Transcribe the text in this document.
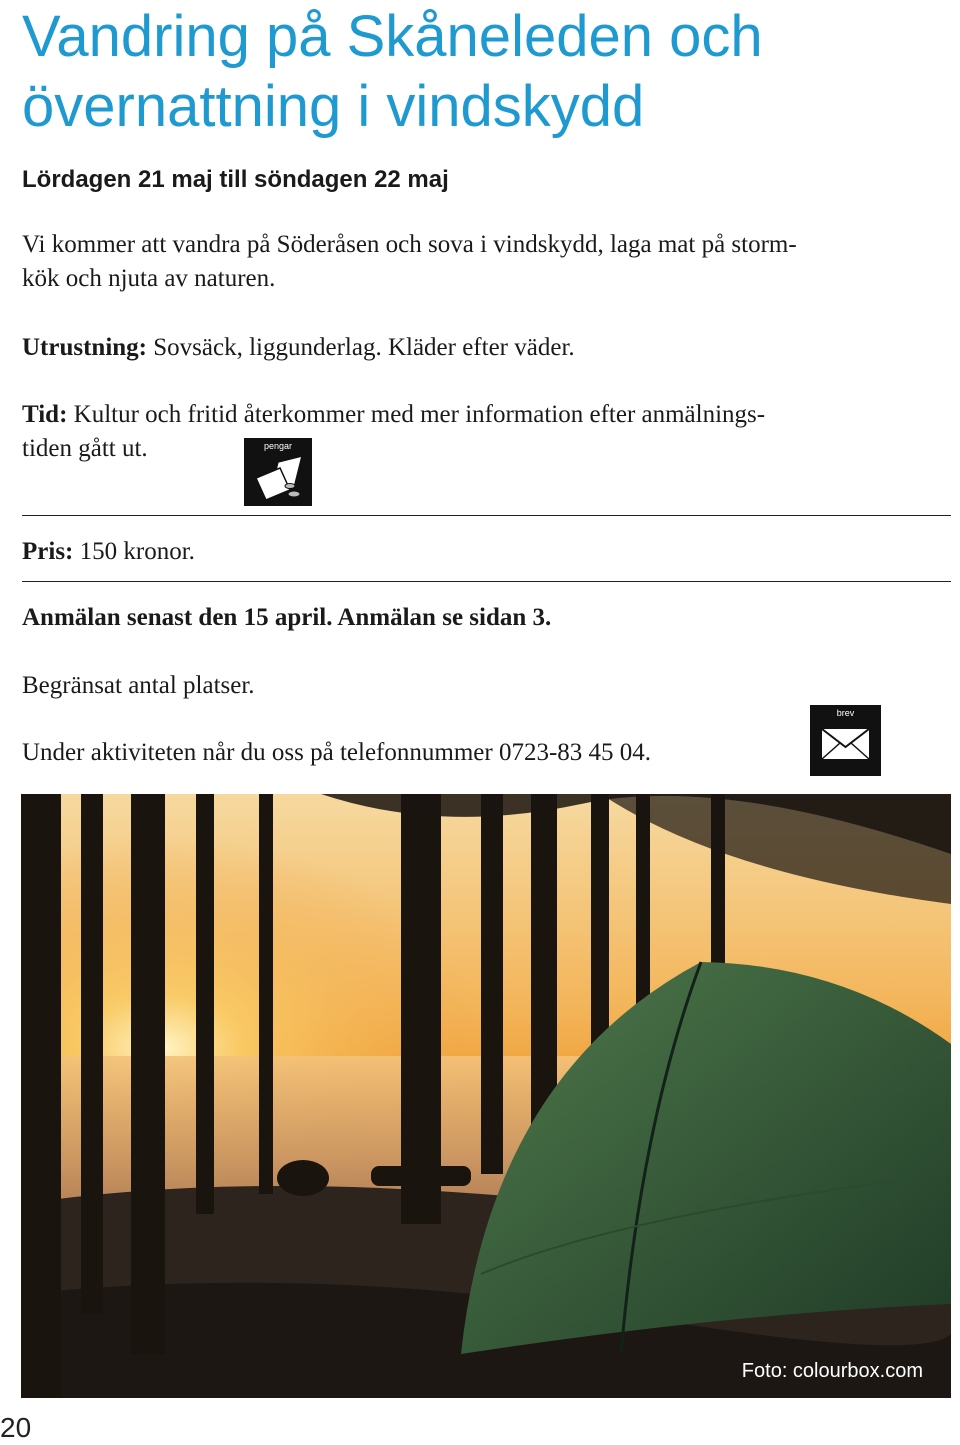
Vandring på Skåneleden och
övernattning i vindskydd
Lördagen 21 maj till söndagen 22 maj
Vi kommer att vandra på Söderåsen och sova i vindskydd, laga mat på storm-
kök och njuta av naturen.
Utrustning: Sovsäck, liggunderlag. Kläder efter väder.
Tid: Kultur och fritid återkommer med mer information efter anmälnings-
tiden gått ut.	pengar
Pris: 150 kronor.
Anmälan senast den 15 april. Anmälan se sidan 3.
Begränsat antal platser.
Under aktiviteten når du oss på telefonnummer 0723-83 45 04.
brev
Foto: colourbox.com
20
